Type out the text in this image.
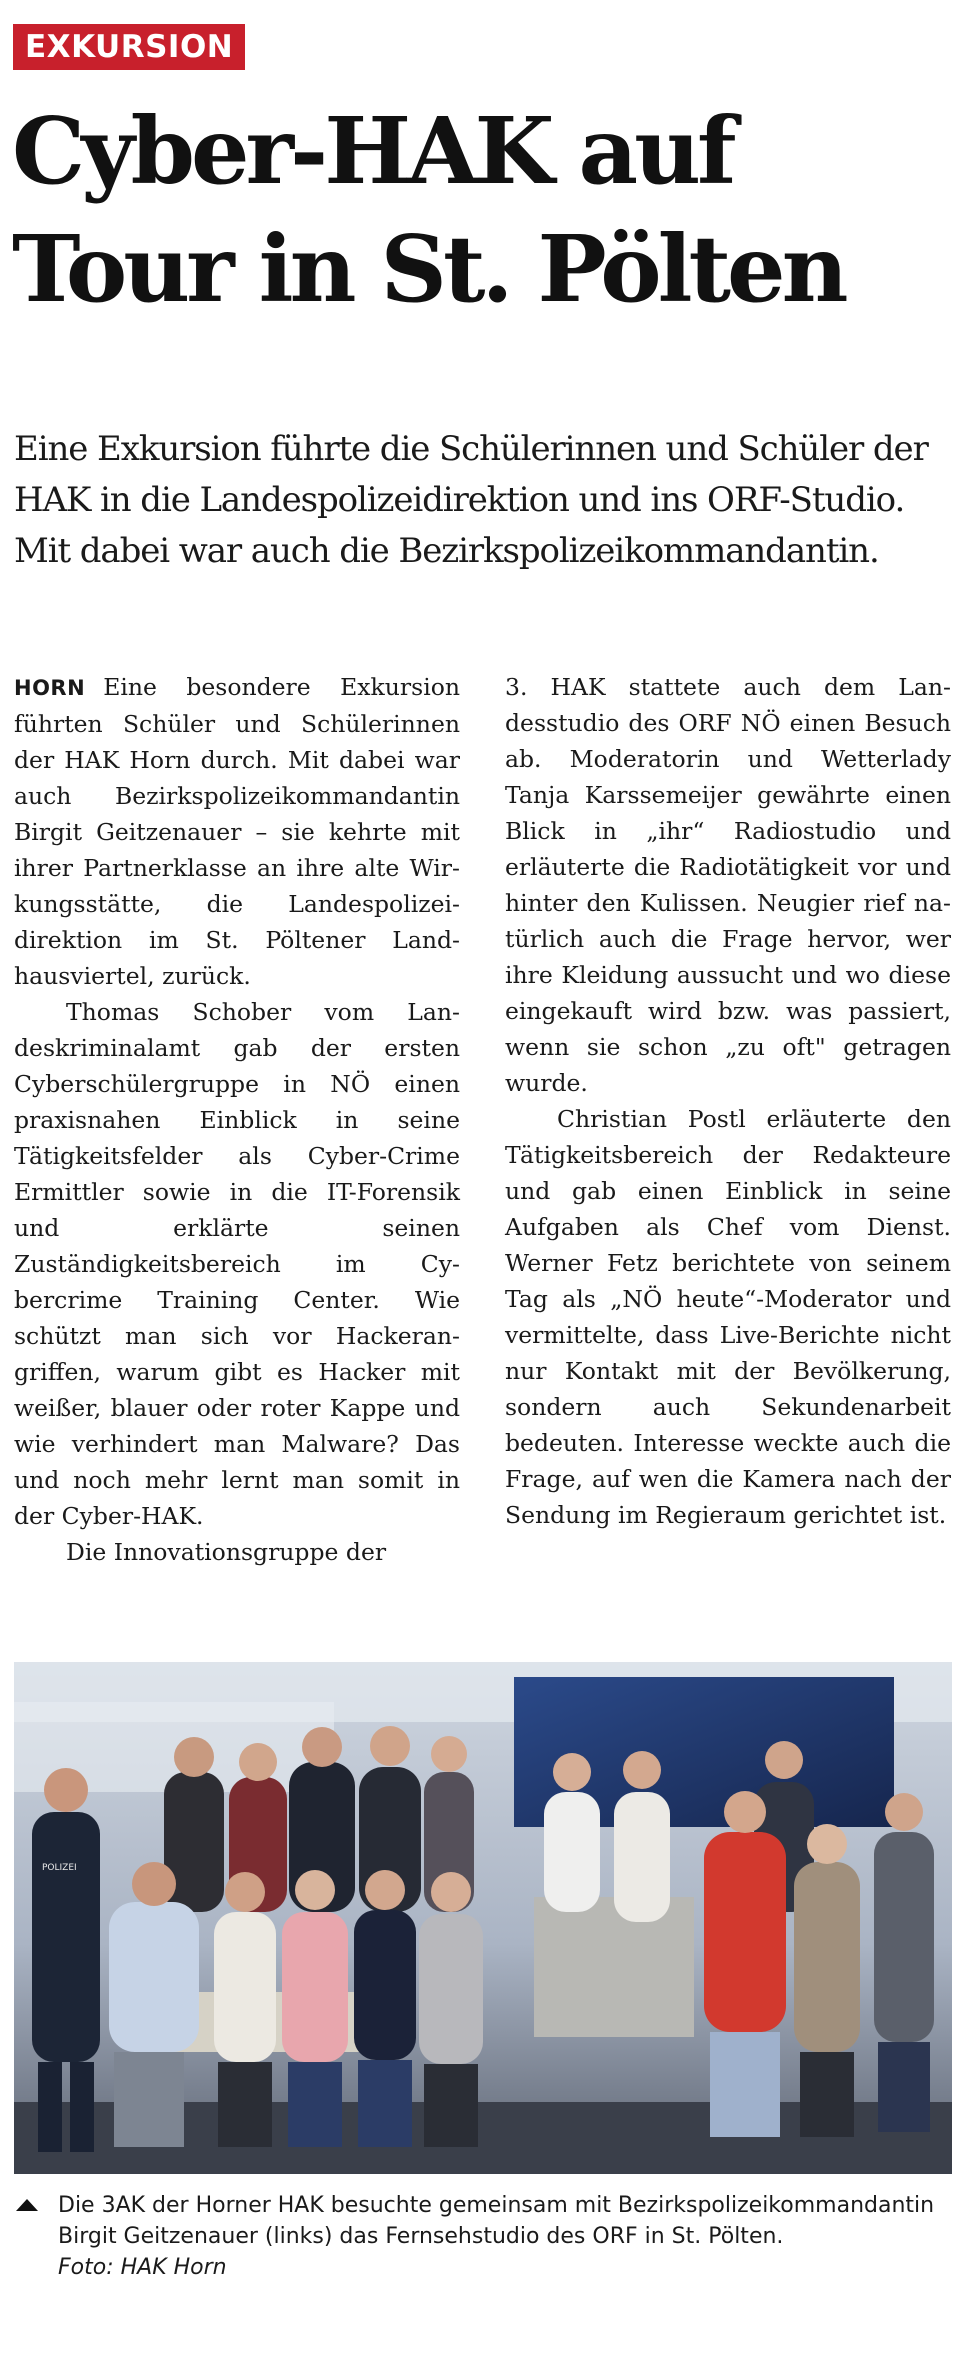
EXKURSION
Cyber-HAK auf
Tour in St. Pölten

Eine Exkursion führte die Schülerinnen und Schüler der HAK in die Landespolizeidirektion und ins ORF-Studio. Mit dabei war auch die Bezirkspolizeikommandantin.

HORN Eine besondere Exkursion führten Schüler und Schülerinnen der HAK Horn durch. Mit dabei war auch Bezirkspolizeikommandantin Birgit Geitzenauer – sie kehrte mit ihrer Partnerklasse an ihre alte Wirkungsstätte, die Landespolizeidirektion im St. Pöltener Landhausviertel, zurück.

Thomas Schober vom Landeskriminalamt gab der ersten Cyberschülergruppe in NÖ einen praxisnahen Einblick in seine Tätigkeitsfelder als Cyber-Crime Ermittler sowie in die IT-Forensik und erklärte seinen Zuständigkeitsbereich im Cybercrime Training Center. Wie schützt man sich vor Hackerangriffen, warum gibt es Hacker mit weißer, blauer oder roter Kappe und wie verhindert man Malware? Das und noch mehr lernt man somit in der Cyber-HAK.

Die Innovationsgruppe der

3. HAK stattete auch dem Landesstudio des ORF NÖ einen Besuch ab. Moderatorin und Wetterlady Tanja Karssemeijer gewährte einen Blick in „ihr“ Radiostudio und erläuterte die Radiotätigkeit vor und hinter den Kulissen. Neugier rief natürlich auch die Frage hervor, wer ihre Kleidung aussucht und wo diese eingekauft wird bzw. was passiert, wenn sie schon „zu oft" getragen wurde.

Christian Postl erläuterte den Tätigkeitsbereich der Redakteure und gab einen Einblick in seine Aufgaben als Chef vom Dienst. Werner Fetz berichtete von seinem Tag als „NÖ heute“-Moderator und vermittelte, dass Live-Berichte nicht nur Kontakt mit der Bevölkerung, sondern auch Sekundenarbeit bedeuten. Interesse weckte auch die Frage, auf wen die Kamera nach der Sendung im Regieraum gerichtet ist.

POLIZEI
Die 3AK der Horner HAK besuchte gemeinsam mit Bezirkspolizeikommandantin Birgit Geitzenauer (links) das Fernsehstudio des ORF in St. Pölten.
Foto: HAK Horn
